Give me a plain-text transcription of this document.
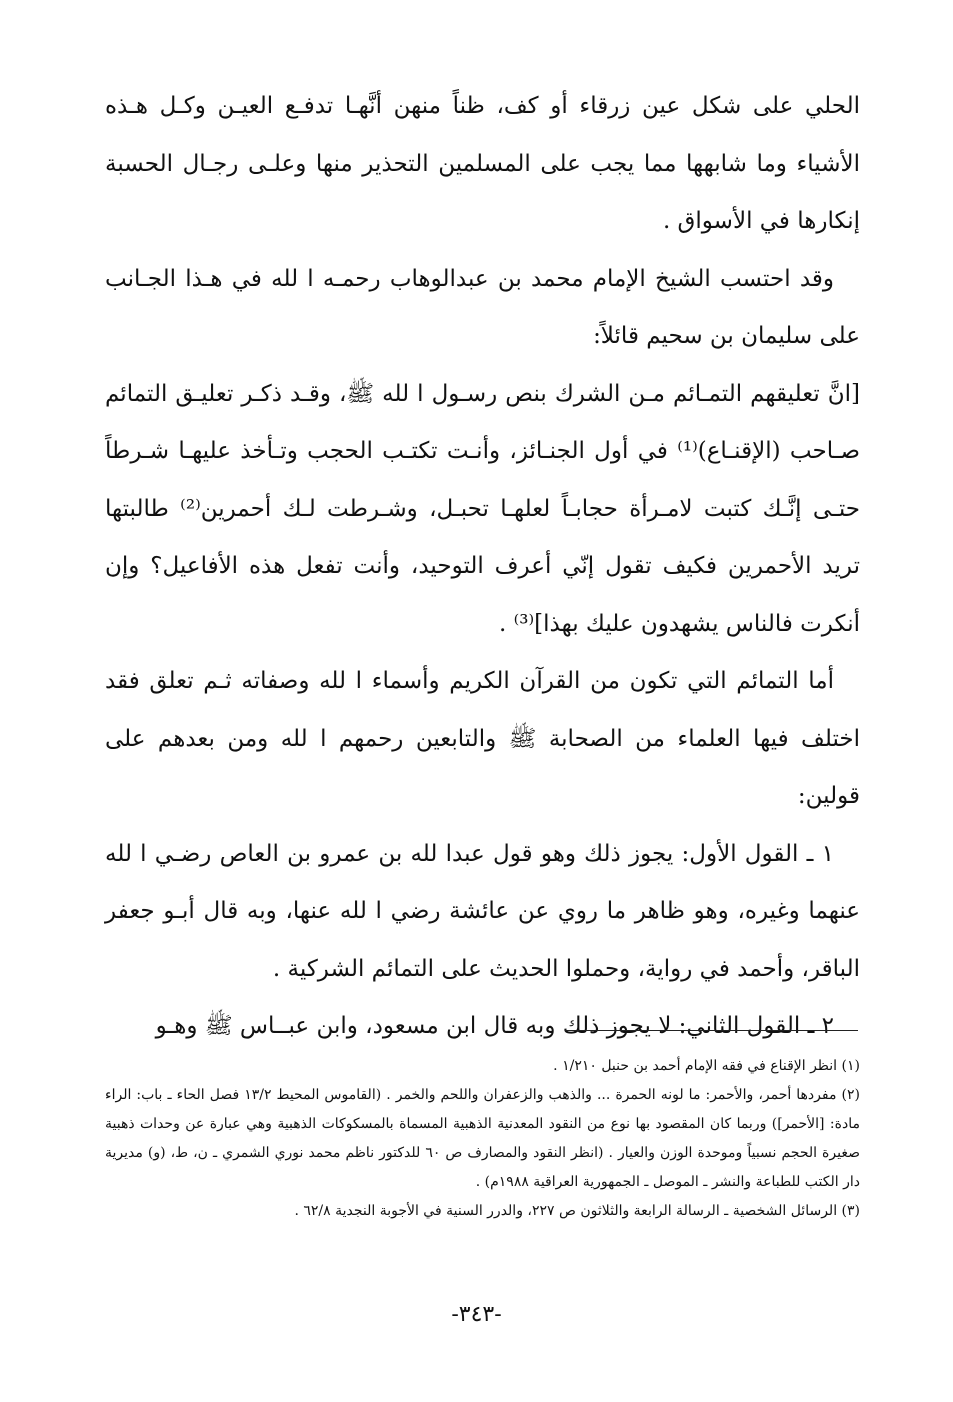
الحلي على شكل عين زرقاء أو كف، ظناً منهن أنَّهـا تدفـع العيـن وكـل هـذه الأشياء وما شابهها مما يجب على المسلمين التحذير منها وعلـى رجـال الحسبة إنكارها في الأسواق .

وقد احتسب الشيخ الإمام محمد بن عبدالوهاب رحمـه ا لله في هـذا الجـانب على سليمان بن سحيم قائلاً:

[انَّ تعليقهم التمـائم مـن الشرك بنص رسـول ا لله ﷺ، وقـد ذكـر تعليـق التمائم صـاحب (الإقنـاع)⁽¹⁾ في أول الجنـائز، وأنـت تكتـب الحجب وتـأخذ عليهـا شـرطاً حتـى إنَّـك كتبت لامـرأة حجابـاً لعلهـا تحبـل، وشـرطت لـك أحمرين⁽²⁾ طالبتها تريد الأحمرين فكيف تقول إنّي أعرف التوحيد، وأنت تفعل هذه الأفاعيل؟ وإن أنكرت فالناس يشهدون عليك بهذا]⁽³⁾ .

أما التمائم التي تكون من القرآن الكريم وأسماء ا لله وصفاته ثـم تعلق فقد اختلف فيها العلماء من الصحابة ﷺ والتابعين رحمهم ا لله ومن بعدهم على قولين:

١ ـ القول الأول: يجوز ذلك وهو قول عبدا لله بن عمرو بن العاص رضـي ا لله عنهما وغيره، وهو ظاهر ما روي عن عائشة رضي ا لله عنها، وبه قال أبـو جعفر الباقر، وأحمد في رواية، وحملوا الحديث على التمائم الشركية .

٢ ـ القول الثاني: لا يجوز ذلك وبه قال ابن مسعود، وابن عبــاس ﷺ وهـو

(١) انظر الإقناع في فقه الإمام أحمد بن حنبل ١/٢١٠ .

(٢) مفردها أحمر، والأحمر: ما لونه الحمرة ... والذهب والزعفران واللحم والخمر . (القاموس المحيط ١٣/٢ فصل الحاء ـ باب: الراء مادة: [الأحمر]) وربما كان المقصود بها نوع من النقود المعدنية الذهبية المسماة بالمسكوكات الذهبية وهي عبارة عن وحدات ذهبية صغيرة الحجم نسبياً وموحدة الوزن والعيار . (انظر النقود والمصارف ص ٦٠ للدكتور ناظم محمد نوري الشمري ـ ن، ط، (و) مديرية دار الكتب للطباعة والنشر ـ الموصل ـ الجمهورية العراقية ١٩٨٨م) .

(٣) الرسائل الشخصية ـ الرسالة الرابعة والثلاثون ص ٢٢٧، والدرر السنية في الأجوبة النجدية ٦٢/٨ .

-٣٤٣-
